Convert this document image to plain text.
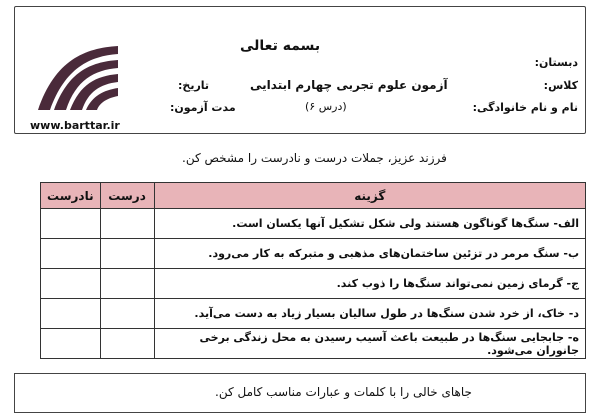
بسمه تعالی
دبستان:
کلاس:
نام و نام خانوادگی:
آزمون علوم تجربی چهارم ابتدایی
(درس ۶)
تاریخ:
مدت آزمون:
www.barttar.ir
فرزند عزیز، جملات درست و نادرست را مشخص کن.
گزینه	درست	نادرست
الف- سنگ‌ها گوناگون هستند ولی شکل تشکیل آنها یکسان است.		
ب- سنگ مرمر در تزئین ساختمان‌های مذهبی و متبرکه به کار می‌رود.		
ج- گرمای زمین نمی‌تواند سنگ‌ها را ذوب کند.		
د- خاک، از خرد شدن سنگ‌ها در طول سالیان بسیار زیاد به دست می‌آید.		
ه- جابجایی سنگ‌ها در طبیعت باعث آسیب رسیدن به محل زندگی برخی جانوران می‌شود.		
جاهای خالی را با کلمات و عبارات مناسب کامل کن.
